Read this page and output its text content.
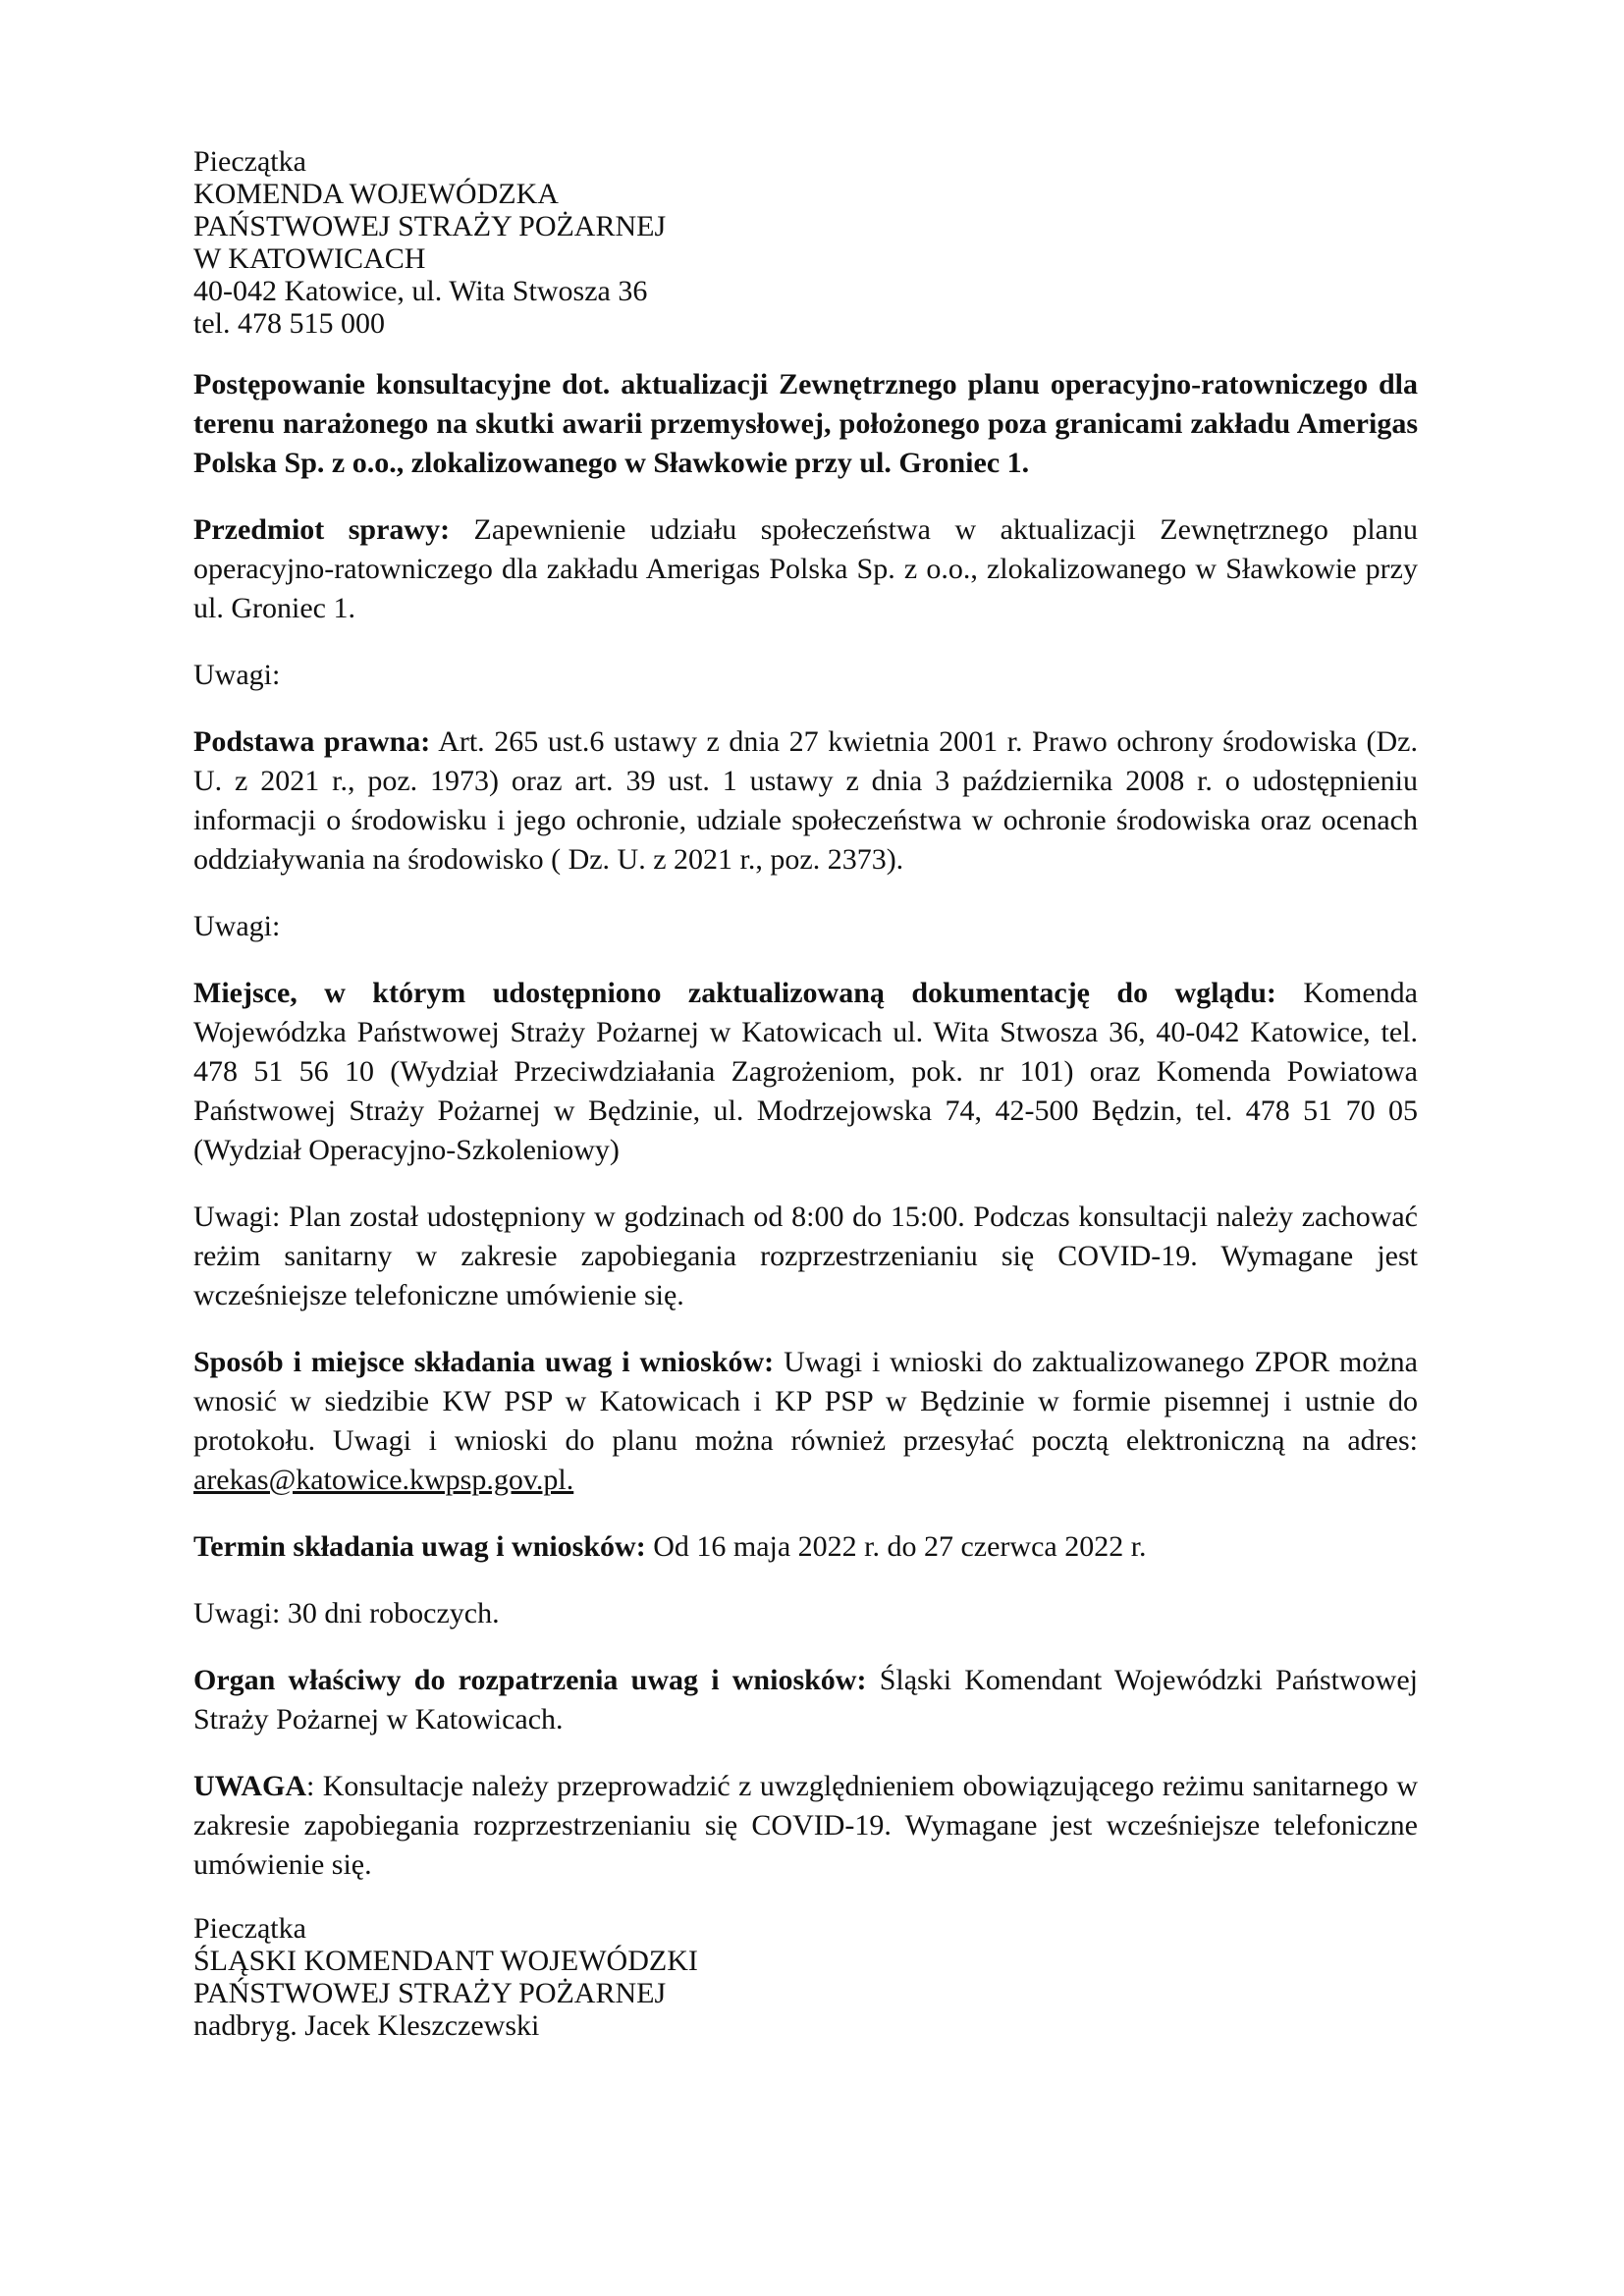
Pieczątka
KOMENDA WOJEWÓDZKA
PAŃSTWOWEJ STRAŻY POŻARNEJ
W KATOWICACH
40-042 Katowice, ul. Wita Stwosza 36
tel. 478 515 000

Postępowanie konsultacyjne dot. aktualizacji Zewnętrznego planu operacyjno-ratowniczego dla terenu narażonego na skutki awarii przemysłowej, położonego poza granicami zakładu Amerigas Polska Sp. z o.o., zlokalizowanego w Sławkowie przy ul. Groniec 1.

Przedmiot sprawy: Zapewnienie udziału społeczeństwa w aktualizacji Zewnętrznego planu operacyjno-ratowniczego dla zakładu Amerigas Polska Sp. z o.o., zlokalizowanego w Sławkowie przy ul. Groniec 1.

Uwagi:

Podstawa prawna: Art. 265 ust.6 ustawy z dnia 27 kwietnia 2001 r. Prawo ochrony środowiska (Dz. U. z 2021 r., poz. 1973) oraz art. 39 ust. 1 ustawy z dnia 3 października 2008 r. o udostępnieniu informacji o środowisku i jego ochronie, udziale społeczeństwa w ochronie środowiska oraz ocenach oddziaływania na środowisko ( Dz. U. z 2021 r., poz. 2373).

Uwagi:

Miejsce, w którym udostępniono zaktualizowaną dokumentację do wglądu: Komenda Wojewódzka Państwowej Straży Pożarnej w Katowicach ul. Wita Stwosza 36, 40-042 Katowice, tel. 478 51 56 10 (Wydział Przeciwdziałania Zagrożeniom, pok. nr 101) oraz Komenda Powiatowa Państwowej Straży Pożarnej w Będzinie, ul. Modrzejowska 74, 42-500 Będzin, tel. 478 51 70 05 (Wydział Operacyjno-Szkoleniowy)

Uwagi: Plan został udostępniony w godzinach od 8:00 do 15:00. Podczas konsultacji należy zachować reżim sanitarny w zakresie zapobiegania rozprzestrzenianiu się COVID-19. Wymagane jest wcześniejsze telefoniczne umówienie się.

Sposób i miejsce składania uwag i wniosków: Uwagi i wnioski do zaktualizowanego ZPOR można wnosić w siedzibie KW PSP w Katowicach i KP PSP w Będzinie w formie pisemnej i ustnie do protokołu. Uwagi i wnioski do planu można również przesyłać pocztą elektroniczną na adres: arekas@katowice.kwpsp.gov.pl.

Termin składania uwag i wniosków: Od 16 maja 2022 r. do 27 czerwca 2022 r.

Uwagi: 30 dni roboczych.

Organ właściwy do rozpatrzenia uwag i wniosków: Śląski Komendant Wojewódzki Państwowej Straży Pożarnej w Katowicach.

UWAGA: Konsultacje należy przeprowadzić z uwzględnieniem obowiązującego reżimu sanitarnego w zakresie zapobiegania rozprzestrzenianiu się COVID-19. Wymagane jest wcześniejsze telefoniczne umówienie się.

Pieczątka
ŚLĄSKI KOMENDANT WOJEWÓDZKI
PAŃSTWOWEJ STRAŻY POŻARNEJ
nadbryg. Jacek Kleszczewski
